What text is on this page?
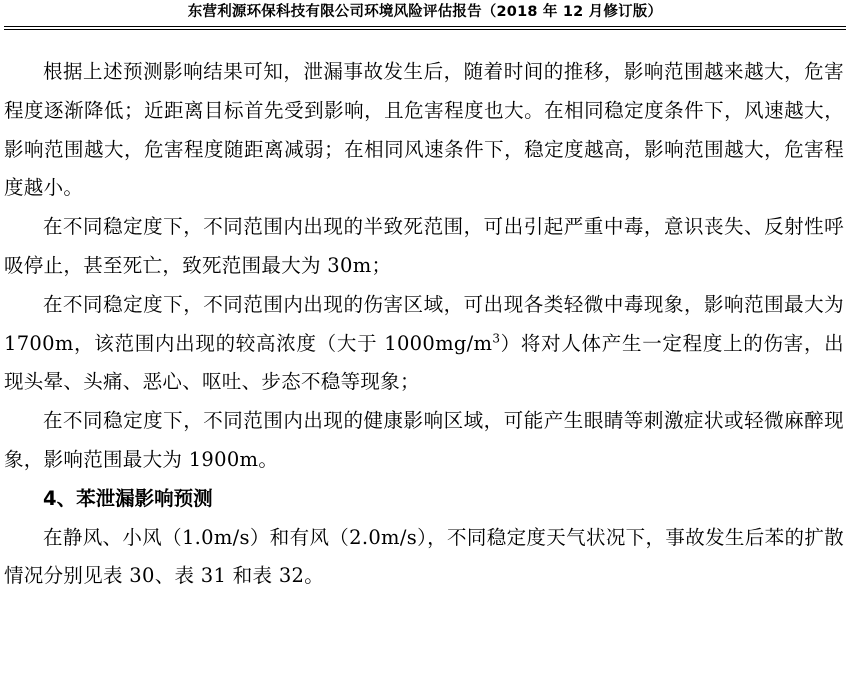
东营利源环保科技有限公司环境风险评估报告（2018 年 12 月修订版）

根据上述预测影响结果可知，泄漏事故发生后，随着时间的推移，影响范围越来越大，危害程度逐渐降低；近距离目标首先受到影响，且危害程度也大。在相同稳定度条件下，风速越大，影响范围越大，危害程度随距离减弱；在相同风速条件下，稳定度越高，影响范围越大，危害程度越小。

在不同稳定度下，不同范围内出现的半致死范围，可出引起严重中毒，意识丧失、反射性呼吸停止，甚至死亡，致死范围最大为 30m；

在不同稳定度下，不同范围内出现的伤害区域，可出现各类轻微中毒现象，影响范围最大为 1700m，该范围内出现的较高浓度（大于 $1000mg/m^3$）将对人体产生一定程度上的伤害，出现头晕、头痛、恶心、呕吐、步态不稳等现象；

在不同稳定度下，不同范围内出现的健康影响区域，可能产生眼睛等刺激症状或轻微麻醉现象，影响范围最大为 1900m。

4、苯泄漏影响预测

在静风、小风（1.0m/s）和有风（2.0m/s），不同稳定度天气状况下，事故发生后苯的扩散情况分别见表 30、表 31 和表 32。
